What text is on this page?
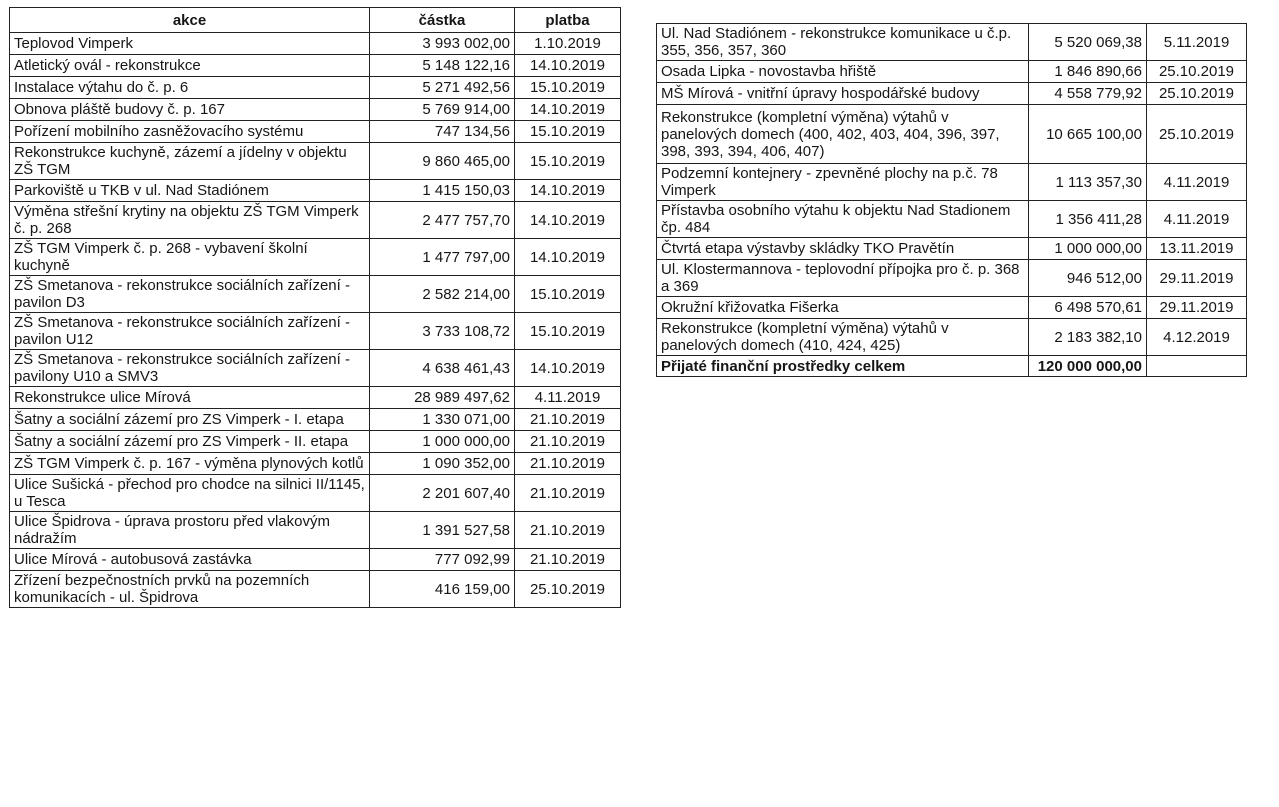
akce	částka	platba
Teplovod Vimperk	3 993 002,00	1.10.2019
Atletický ovál - rekonstrukce	5 148 122,16	14.10.2019
Instalace výtahu do č. p. 6	5 271 492,56	15.10.2019
Obnova pláště budovy č. p. 167	5 769 914,00	14.10.2019
Pořízení mobilního zasněžovacího systému	747 134,56	15.10.2019
Rekonstrukce kuchyně, zázemí a jídelny v objektu ZŠ TGM	9 860 465,00	15.10.2019
Parkoviště u TKB v ul. Nad Stadiónem	1 415 150,03	14.10.2019
Výměna střešní krytiny na objektu ZŠ TGM Vimperk č. p. 268	2 477 757,70	14.10.2019
ZŠ TGM Vimperk č. p. 268 - vybavení školní kuchyně	1 477 797,00	14.10.2019
ZŠ Smetanova - rekonstrukce sociálních zařízení - pavilon D3	2 582 214,00	15.10.2019
ZŠ Smetanova - rekonstrukce sociálních zařízení - pavilon U12	3 733 108,72	15.10.2019
ZŠ Smetanova - rekonstrukce sociálních zařízení - pavilony U10 a SMV3	4 638 461,43	14.10.2019
Rekonstrukce ulice Mírová	28 989 497,62	4.11.2019
Šatny a sociální zázemí pro ZS Vimperk - I. etapa	1 330 071,00	21.10.2019
Šatny a sociální zázemí pro ZS Vimperk - II. etapa	1 000 000,00	21.10.2019
ZŠ TGM Vimperk č. p. 167 - výměna plynových kotlů	1 090 352,00	21.10.2019
Ulice Sušická - přechod pro chodce na silnici II/1145, u Tesca	2 201 607,40	21.10.2019
Ulice Špidrova - úprava prostoru před vlakovým nádražím	1 391 527,58	21.10.2019
Ulice Mírová - autobusová zastávka	777 092,99	21.10.2019
Zřízení bezpečnostních prvků na pozemních komunikacích - ul. Špidrova	416 159,00	25.10.2019
Ul. Nad Stadiónem - rekonstrukce komunikace u č.p. 355, 356, 357, 360	5 520 069,38	5.11.2019
Osada Lipka - novostavba hřiště	1 846 890,66	25.10.2019
MŠ Mírová - vnitřní úpravy hospodářské budovy	4 558 779,92	25.10.2019
Rekonstrukce (kompletní výměna) výtahů v panelových domech (400, 402, 403, 404, 396, 397, 398, 393, 394, 406, 407)	10 665 100,00	25.10.2019
Podzemní kontejnery - zpevněné plochy na p.č. 78 Vimperk	1 113 357,30	4.11.2019
Přístavba osobního výtahu k objektu Nad Stadionem čp. 484	1 356 411,28	4.11.2019
Čtvrtá etapa výstavby skládky TKO Pravětín	1 000 000,00	13.11.2019
Ul. Klostermannova - teplovodní přípojka pro č. p. 368 a 369	946 512,00	29.11.2019
Okružní křižovatka Fišerka	6 498 570,61	29.11.2019
Rekonstrukce (kompletní výměna) výtahů v panelových domech (410, 424, 425)	2 183 382,10	4.12.2019
Přijaté finanční prostředky celkem	120 000 000,00	
